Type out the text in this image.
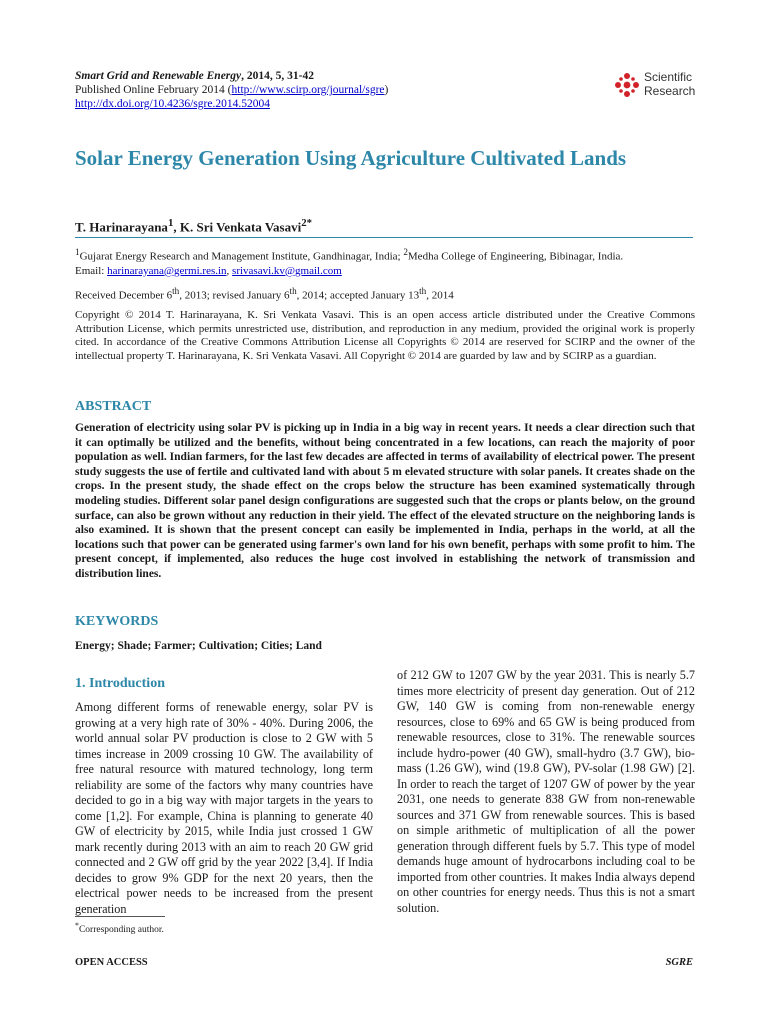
Smart Grid and Renewable Energy, 2014, 5, 31-42
Published Online February 2014 (http://www.scirp.org/journal/sgre)
http://dx.doi.org/10.4236/sgre.2014.52004
Scientific
Research
Solar Energy Generation Using Agriculture Cultivated Lands
T. Harinarayana$^1$, K. Sri Venkata Vasavi$^{2*}$
$^1$Gujarat Energy Research and Management Institute, Gandhinagar, India; $^2$Medha College of Engineering, Bibinagar, India.
Email: harinarayana@germi.res.in, srivasavi.kv@gmail.com
Received December 6th, 2013; revised January 6th, 2014; accepted January 13th, 2014
Copyright © 2014 T. Harinarayana, K. Sri Venkata Vasavi. This is an open access article distributed under the Creative Commons Attribution License, which permits unrestricted use, distribution, and reproduction in any medium, provided the original work is properly cited. In accordance of the Creative Commons Attribution License all Copyrights © 2014 are reserved for SCIRP and the owner of the intellectual property T. Harinarayana, K. Sri Venkata Vasavi. All Copyright © 2014 are guarded by law and by SCIRP as a guardian.
ABSTRACT

Generation of electricity using solar PV is picking up in India in a big way in recent years. It needs a clear direction such that it can optimally be utilized and the benefits, without being concentrated in a few locations, can reach the majority of poor population as well. Indian farmers, for the last few decades are affected in terms of availability of electrical power. The present study suggests the use of fertile and cultivated land with about 5 m elevated structure with solar panels. It creates shade on the crops. In the present study, the shade effect on the crops below the structure has been examined systematically through modeling studies. Different solar panel design configurations are suggested such that the crops or plants below, on the ground surface, can also be grown without any reduction in their yield. The effect of the elevated structure on the neighboring lands is also examined. It is shown that the present concept can easily be implemented in India, perhaps in the world, at all the locations such that power can be generated using farmer's own land for his own benefit, perhaps with some profit to him. The present concept, if implemented, also reduces the huge cost involved in establishing the network of transmission and distribution lines.

KEYWORDS
Energy; Shade; Farmer; Cultivation; Cities; Land
1. Introduction

Among different forms of renewable energy, solar PV is growing at a very high rate of 30% - 40%. During 2006, the world annual solar PV production is close to 2 GW with 5 times increase in 2009 crossing 10 GW. The availability of free natural resource with matured technology, long term reliability are some of the factors why many countries have decided to go in a big way with major targets in the years to come [1,2]. For example, China is planning to generate 40 GW of electricity by 2015, while India just crossed 1 GW mark recently during 2013 with an aim to reach 20 GW grid connected and 2 GW off grid by the year 2022 [3,4]. If India decides to grow 9% GDP for the next 20 years, then the electrical power needs to be increased from the present generation

of 212 GW to 1207 GW by the year 2031. This is nearly 5.7 times more electricity of present day generation. Out of 212 GW, 140 GW is coming from non-renewable energy resources, close to 69% and 65 GW is being produced from renewable resources, close to 31%. The renewable sources include hydro-power (40 GW), small-hydro (3.7 GW), bio-mass (1.26 GW), wind (19.8 GW), PV-solar (1.98 GW) [2]. In order to reach the target of 1207 GW of power by the year 2031, one needs to generate 838 GW from non-renewable sources and 371 GW from renewable sources. This is based on simple arithmetic of multiplication of all the power generation through different fuels by 5.7. This type of model demands huge amount of hydrocarbons including coal to be imported from other countries. It makes India always depend on other countries for energy needs. Thus this is not a smart solution.

*Corresponding author.
OPEN ACCESS	SGRE
